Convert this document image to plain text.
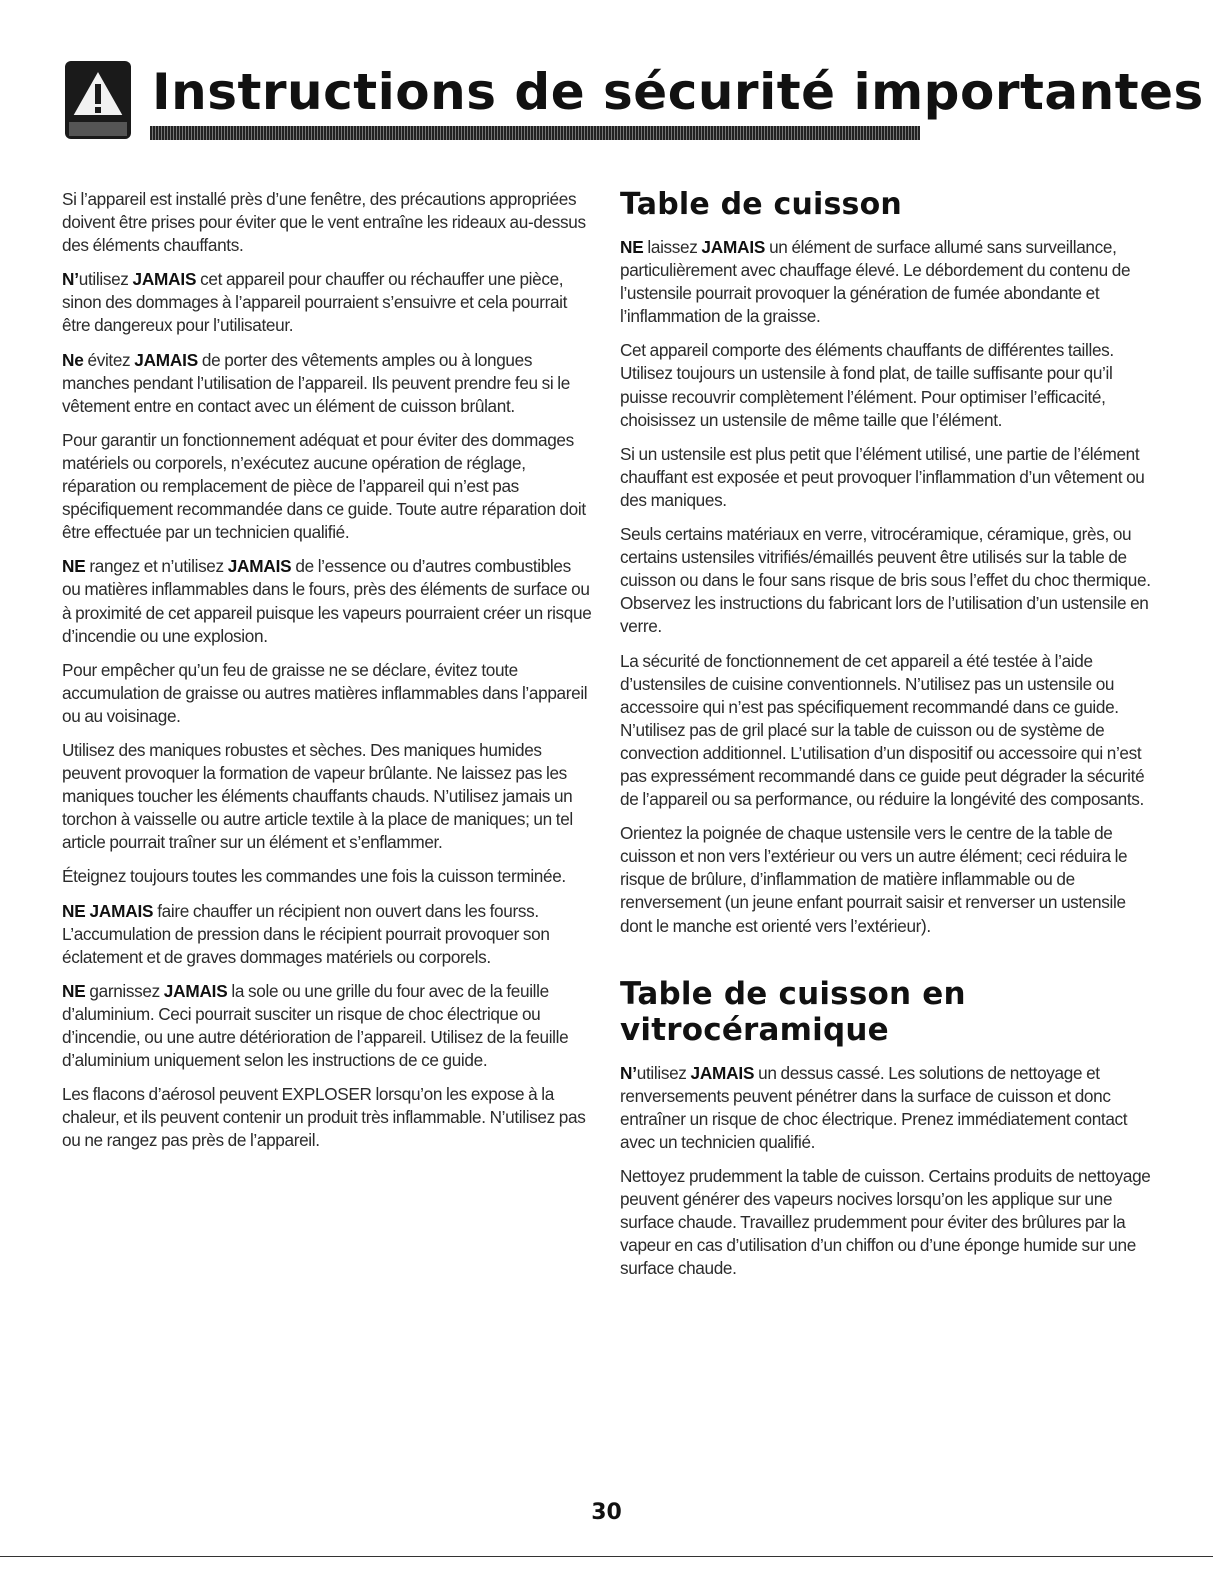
Instructions de sécurité importantes

Si l’appareil est installé près d’une fenêtre, des précautions appropriées doivent être prises pour éviter que le vent entraîne les rideaux au-dessus des éléments chauffants.

N’utilisez JAMAIS cet appareil pour chauffer ou réchauffer une pièce, sinon des dommages à l’appareil pourraient s’ensuivre et cela pourrait être dangereux pour l’utilisateur.

Ne évitez JAMAIS de porter des vêtements amples ou à longues manches pendant l’utilisation de l’appareil. Ils peuvent prendre feu si le vêtement entre en contact avec un élément de cuisson brûlant.

Pour garantir un fonctionnement adéquat et pour éviter des dommages matériels ou corporels, n’exécutez aucune opération de réglage, réparation ou remplacement de pièce de l’appareil qui n’est pas spécifiquement recommandée dans ce guide. Toute autre réparation doit être effectuée par un technicien qualifié.

NE rangez et n’utilisez JAMAIS de l’essence ou d’autres combustibles ou matières inflammables dans le fours, près des éléments de surface ou à proximité de cet appareil puisque les vapeurs pourraient créer un risque d’incendie ou une explosion.

Pour empêcher qu’un feu de graisse ne se déclare, évitez toute accumulation de graisse ou autres matières inflammables dans l’appareil ou au voisinage.

Utilisez des maniques robustes et sèches. Des maniques humides peuvent provoquer la formation de vapeur brûlante. Ne laissez pas les maniques toucher les éléments chauffants chauds. N’utilisez jamais un torchon à vaisselle ou autre article textile à la place de maniques; un tel article pourrait traîner sur un élément et s’enflammer.

Éteignez toujours toutes les commandes une fois la cuisson terminée.

NE JAMAIS faire chauffer un récipient non ouvert dans les fourss. L’accumulation de pression dans le récipient pourrait provoquer son éclatement et de graves dommages matériels ou corporels.

NE garnissez JAMAIS la sole ou une grille du four avec de la feuille d’aluminium. Ceci pourrait susciter un risque de choc électrique ou d’incendie, ou une autre détérioration de l’appareil. Utilisez de la feuille d’aluminium uniquement selon les instructions de ce guide.

Les flacons d’aérosol peuvent EXPLOSER lorsqu’on les expose à la chaleur, et ils peuvent contenir un produit très inflammable. N’utilisez pas ou ne rangez pas près de l’appareil.

Table de cuisson

NE laissez JAMAIS un élément de surface allumé sans surveillance, particulièrement avec chauffage élevé. Le débordement du contenu de l’ustensile pourrait provoquer la génération de fumée abondante et l’inflammation de la graisse.

Cet appareil comporte des éléments chauffants de différentes tailles. Utilisez toujours un ustensile à fond plat, de taille suffisante pour qu’il puisse recouvrir complètement l’élément. Pour optimiser l’efficacité, choisissez un ustensile de même taille que l’élément.

Si un ustensile est plus petit que l’élément utilisé, une partie de l’élément chauffant est exposée et peut provoquer l’inflammation d’un vêtement ou des maniques.

Seuls certains matériaux en verre, vitrocéramique, céramique, grès, ou certains ustensiles vitrifiés/émaillés peuvent être utilisés sur la table de cuisson ou dans le four sans risque de bris sous l’effet du choc thermique. Observez les instructions du fabricant lors de l’utilisation d’un ustensile en verre.

La sécurité de fonctionnement de cet appareil a été testée à l’aide d’ustensiles de cuisine conventionnels. N’utilisez pas un ustensile ou accessoire qui n’est pas spécifiquement recommandé dans ce guide. N’utilisez pas de gril placé sur la table de cuisson ou de système de convection additionnel. L’utilisation d’un dispositif ou accessoire qui n’est pas expressément recommandé dans ce guide peut dégrader la sécurité de l’appareil ou sa performance, ou réduire la longévité des composants.

Orientez la poignée de chaque ustensile vers le centre de la table de cuisson et non vers l’extérieur ou vers un autre élément; ceci réduira le risque de brûlure, d’inflammation de matière inflammable ou de renversement (un jeune enfant pourrait saisir et renverser un ustensile dont le manche est orienté vers l’extérieur).

Table de cuisson en vitrocéramique

N’utilisez JAMAIS un dessus cassé. Les solutions de nettoyage et renversements peuvent pénétrer dans la surface de cuisson et donc entraîner un risque de choc électrique. Prenez immédiatement contact avec un technicien qualifié.

Nettoyez prudemment la table de cuisson. Certains produits de nettoyage peuvent générer des vapeurs nocives lorsqu’on les applique sur une surface chaude. Travaillez prudemment pour éviter des brûlures par la vapeur en cas d’utilisation d’un chiffon ou d’une éponge humide sur une surface chaude.

30
